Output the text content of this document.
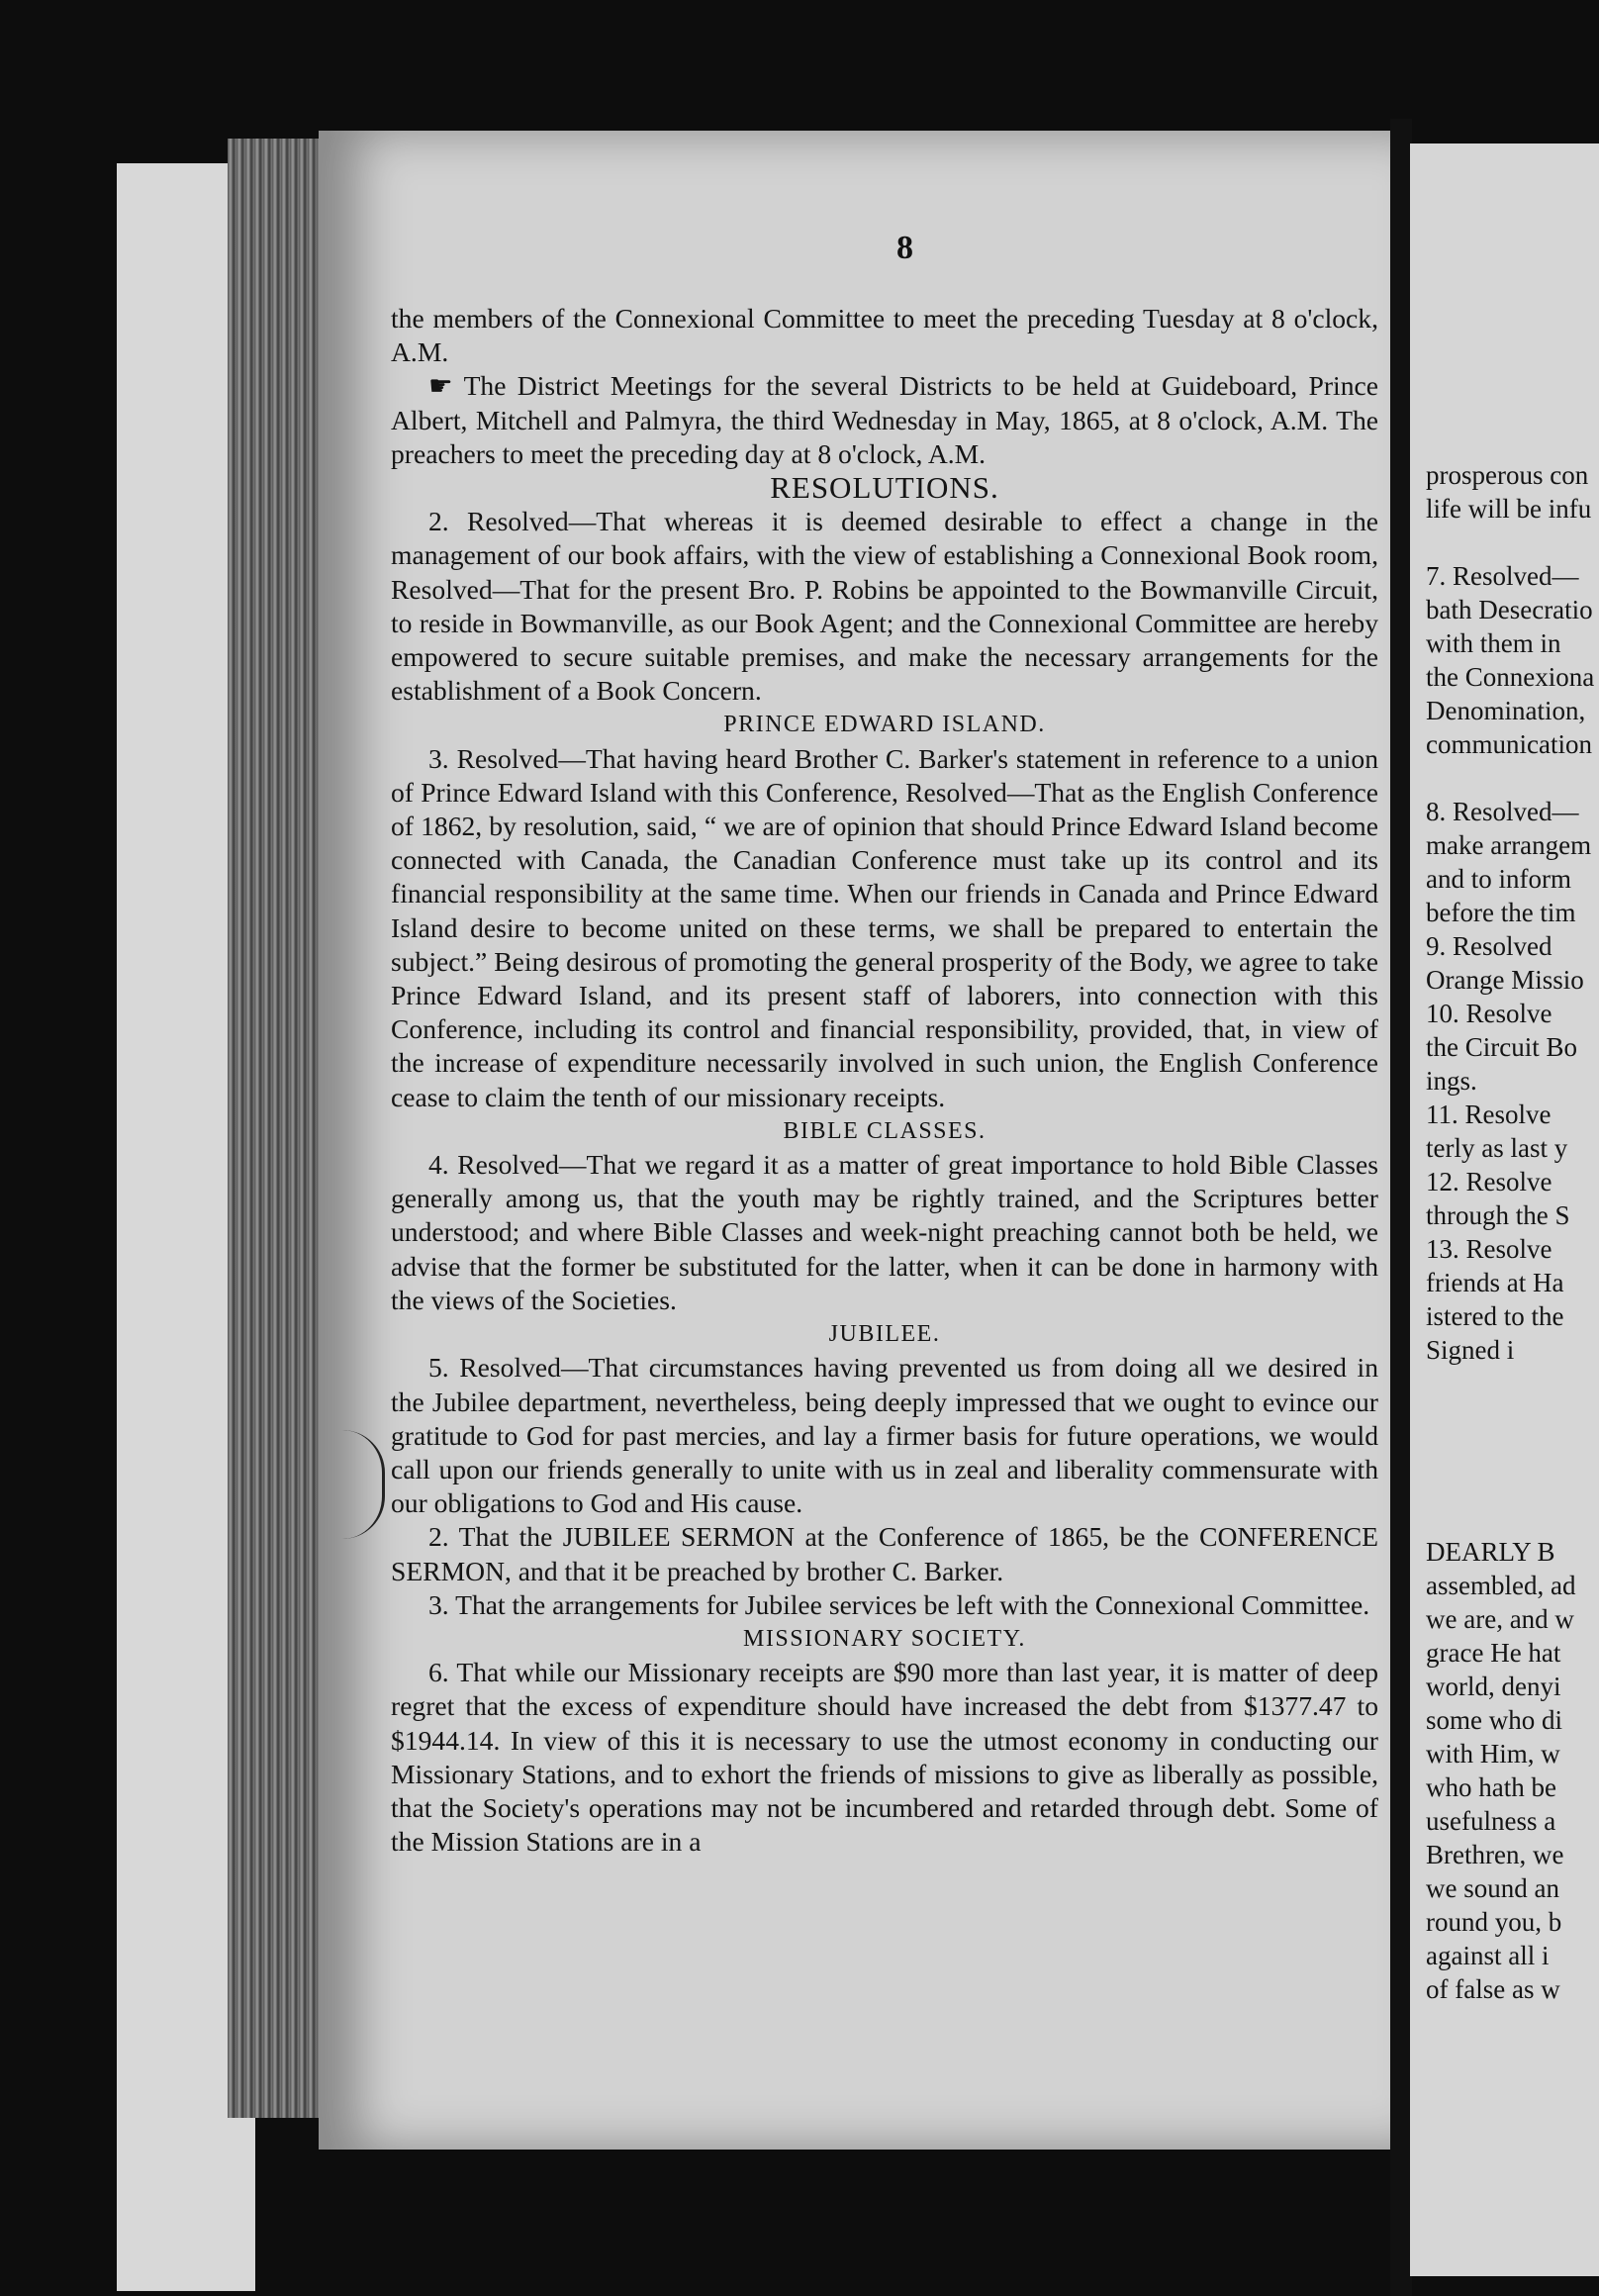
8

the members of the Connexional Committee to meet the preceding Tuesday at 8 o'clock, A.M.

☛ The District Meetings for the several Districts to be held at Guideboard, Prince Albert, Mitchell and Palmyra, the third Wednesday in May, 1865, at 8 o'clock, A.M. The preachers to meet the preceding day at 8 o'clock, A.M.

RESOLUTIONS.

2. Resolved—That whereas it is deemed desirable to effect a change in the management of our book affairs, with the view of establishing a Connexional Book room, Resolved—That for the present Bro. P. Robins be appointed to the Bowmanville Circuit, to reside in Bowmanville, as our Book Agent; and the Connexional Committee are hereby empowered to secure suitable premises, and make the necessary arrangements for the establishment of a Book Concern.

PRINCE EDWARD ISLAND.

3. Resolved—That having heard Brother C. Barker's statement in reference to a union of Prince Edward Island with this Conference, Resolved—That as the English Conference of 1862, by resolution, said, “ we are of opinion that should Prince Edward Island become connected with Canada, the Canadian Conference must take up its control and its financial responsibility at the same time. When our friends in Canada and Prince Edward Island desire to become united on these terms, we shall be prepared to entertain the subject.” Being desirous of promoting the general prosperity of the Body, we agree to take Prince Edward Island, and its present staff of laborers, into connection with this Conference, including its control and financial responsibility, provided, that, in view of the increase of expenditure necessarily involved in such union, the English Conference cease to claim the tenth of our missionary receipts.

BIBLE CLASSES.

4. Resolved—That we regard it as a matter of great importance to hold Bible Classes generally among us, that the youth may be rightly trained, and the Scriptures better understood; and where Bible Classes and week-night preaching cannot both be held, we advise that the former be substituted for the latter, when it can be done in harmony with the views of the Societies.

JUBILEE.

5. Resolved—That circumstances having prevented us from doing all we desired in the Jubilee department, nevertheless, being deeply impressed that we ought to evince our gratitude to God for past mercies, and lay a firmer basis for future operations, we would call upon our friends generally to unite with us in zeal and liberality commensurate with our obligations to God and His cause.

2. That the JUBILEE SERMON at the Conference of 1865, be the CONFERENCE SERMON, and that it be preached by brother C. Barker.

3. That the arrangements for Jubilee services be left with the Connexional Committee.

MISSIONARY SOCIETY.

6. That while our Missionary receipts are $90 more than last year, it is matter of deep regret that the excess of expenditure should have increased the debt from $1377.47 to $1944.14. In view of this it is necessary to use the utmost economy in conducting our Missionary Stations, and to exhort the friends of missions to give as liberally as possible, that the Society's operations may not be incumbered and retarded through debt. Some of the Mission Stations are in a

prosperous con
life will be infu
7. Resolved—
bath Desecratio
with them in
the Connexiona
Denomination,
communication
8. Resolved—
make arrangem
and to inform
before the tim
9. Resolved
Orange Missio
10. Resolve
the Circuit Bo
ings.
11. Resolve
terly as last y
12. Resolve
through the S
13. Resolve
friends at Ha
istered to the
Signed i
DEARLY B
assembled, ad
we are, and w
grace He hat
world, denyi
some who di
with Him, w
who hath be
usefulness a
Brethren, we
we sound an
round you, b
against all i
of false as w
